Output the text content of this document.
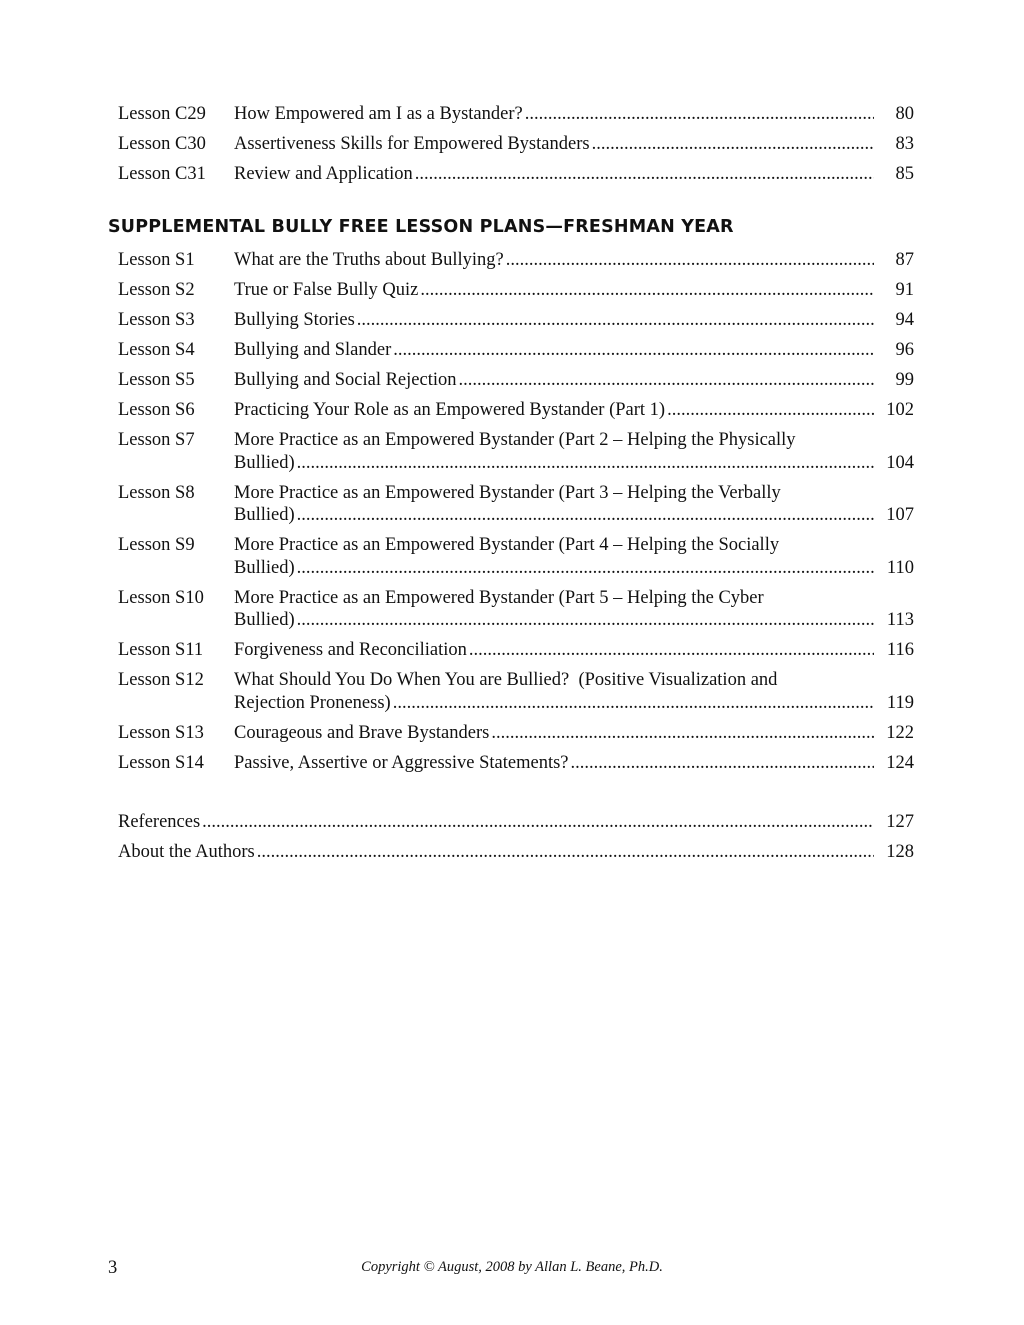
Lesson C29	How Empowered am I as a Bystander? .....	80
Lesson C30	Assertiveness Skills for Empowered Bystanders .....	83
Lesson C31	Review and Application .....	85
SUPPLEMENTAL BULLY FREE LESSON PLANS—FRESHMAN YEAR
Lesson S1	What are the Truths about Bullying? .....	87
Lesson S2	True or False Bully Quiz .....	91
Lesson S3	Bullying Stories .....	94
Lesson S4	Bullying and Slander .....	96
Lesson S5	Bullying and Social Rejection .....	99
Lesson S6	Practicing Your Role as an Empowered Bystander (Part 1) .....	102
Lesson S7	More Practice as an Empowered Bystander (Part 2 – Helping the Physically
Bullied) .....	104
Lesson S8	More Practice as an Empowered Bystander (Part 3 – Helping the Verbally
Bullied) .....	107
Lesson S9	More Practice as an Empowered Bystander (Part 4 – Helping the Socially
Bullied) .....	110
Lesson S10	More Practice as an Empowered Bystander (Part 5 – Helping the Cyber
Bullied) .....	113
Lesson S11	Forgiveness and Reconciliation .....	116
Lesson S12	What Should You Do When You are Bullied?  (Positive Visualization and
Rejection Proneness) .....	119
Lesson S13	Courageous and Brave Bystanders .....	122
Lesson S14	Passive, Assertive or Aggressive Statements? .....	124
References .....	127
About the Authors .....	128
3	Copyright © August, 2008 by Allan L. Beane, Ph.D.
